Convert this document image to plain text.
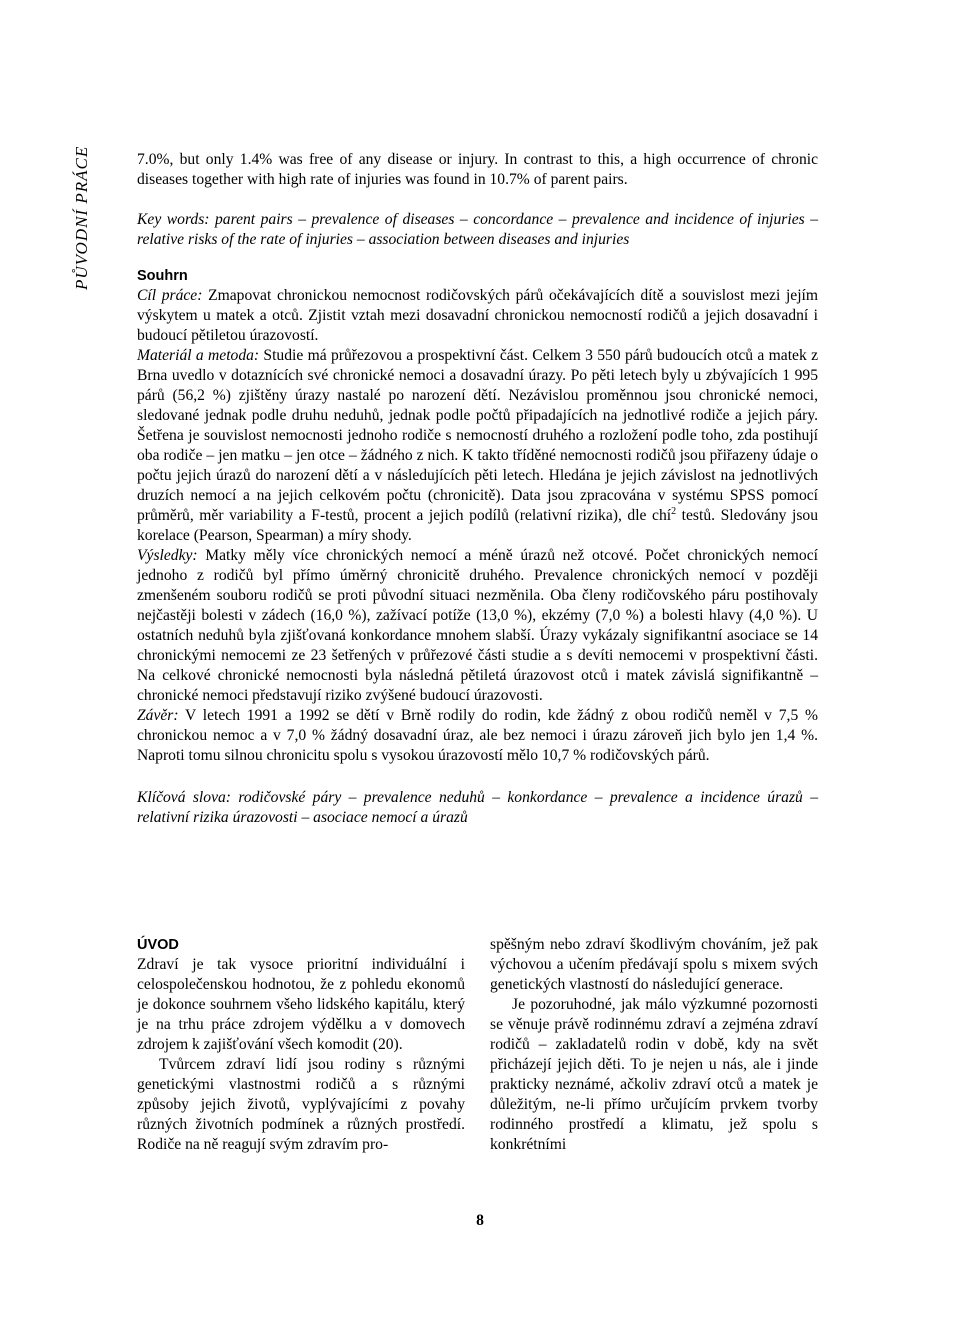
PŮVODNÍ PRÁCE	7.0%, but only 1.4% was free of any disease or injury. In contrast to this, a high occurrence of chronic diseases together with high rate of injuries was found in 10.7% of parent pairs.

Key words: parent pairs – prevalence of diseases – concordance – prevalence and incidence of injuries – relative risks of the rate of injuries – association between diseases and injuries

Souhrn

Cíl práce: Zmapovat chronickou nemocnost rodičovských párů očekávajících dítě a souvislost mezi jejím výskytem u matek a otců. Zjistit vztah mezi dosavadní chronickou nemocností rodičů a jejich dosavadní i budoucí pětiletou úrazovostí.

Materiál a metoda: Studie má průřezovou a prospektivní část. Celkem 3 550 párů budoucích otců a matek z Brna uvedlo v dotaznících své chronické nemoci a dosavadní úrazy. Po pěti letech byly u zbývajících 1 995 párů (56,2 %) zjištěny úrazy nastalé po narození dětí. Nezávislou proměnnou jsou chronické nemoci, sledované jednak podle druhu neduhů, jednak podle počtů připadajících na jednotlivé rodiče a jejich páry. Šetřena je souvislost nemocnosti jednoho rodiče s nemocností druhého a rozložení podle toho, zda postihují oba rodiče – jen matku – jen otce – žádného z nich. K takto tříděné nemocnosti rodičů jsou přiřazeny údaje o počtu jejich úrazů do narození dětí a v následujících pěti letech. Hledána je jejich závislost na jednotlivých druzích nemocí a na jejich celkovém počtu (chronicitě). Data jsou zpracována v systému SPSS pomocí průměrů, měr variability a F-testů, procent a jejich podílů (relativní rizika), dle chí$^2$ testů. Sledovány jsou korelace (Pearson, Spearman) a míry shody.

Výsledky: Matky měly více chronických nemocí a méně úrazů než otcové. Počet chronických nemocí jednoho z rodičů byl přímo úměrný chronicitě druhého. Prevalence chronických nemocí v později zmenšeném souboru rodičů se proti původní situaci nezměnila. Oba členy rodičovského páru postihovaly nejčastěji bolesti v zádech (16,0 %), zažívací potíže (13,0 %), ekzémy (7,0 %) a bolesti hlavy (4,0 %). U ostatních neduhů byla zjišťovaná konkordance mnohem slabší. Úrazy vykázaly signifikantní asociace se 14 chronickými nemocemi ze 23 šetřených v průřezové části studie a s devíti nemocemi v prospektivní části. Na celkové chronické nemocnosti byla následná pětiletá úrazovost otců i matek závislá signifikantně – chronické nemoci představují riziko zvýšené budoucí úrazovosti.

Závěr: V letech 1991 a 1992 se dětí v Brně rodily do rodin, kde žádný z obou rodičů neměl v 7,5 % chronickou nemoc a v 7,0 % žádný dosavadní úraz, ale bez nemoci i úrazu zároveň jich bylo jen 1,4 %. Naproti tomu silnou chronicitu spolu s vysokou úrazovostí mělo 10,7 % rodičovských párů.

Klíčová slova: rodičovské páry – prevalence neduhů – konkordance – prevalence a incidence úrazů – relativní rizika úrazovosti – asociace nemocí a úrazů

ÚVOD

Zdraví je tak vysoce prioritní individuální i celospolečenskou hodnotou, že z pohledu ekonomů je dokonce souhrnem všeho lidského kapitálu, který je na trhu práce zdrojem výdělku a v domovech zdrojem k zajišťování všech komodit (20).

Tvůrcem zdraví lidí jsou rodiny s různými genetickými vlastnostmi rodičů a s různými způsoby jejich životů, vyplývajícími z povahy různých životních podmínek a různých prostředí. Rodiče na ně reagují svým zdravím pro-

spěšným nebo zdraví škodlivým chováním, jež pak výchovou a učením předávají spolu s mixem svých genetických vlastností do následující generace.

Je pozoruhodné, jak málo výzkumné pozornosti se věnuje právě rodinnému zdraví a zejména zdraví rodičů – zakladatelů rodin v době, kdy na svět přicházejí jejich děti. To je nejen u nás, ale i jinde prakticky neznámé, ačkoliv zdraví otců a matek je důležitým, ne-li přímo určujícím prvkem tvorby rodinného prostředí a klimatu, jež spolu s konkrétními

8
